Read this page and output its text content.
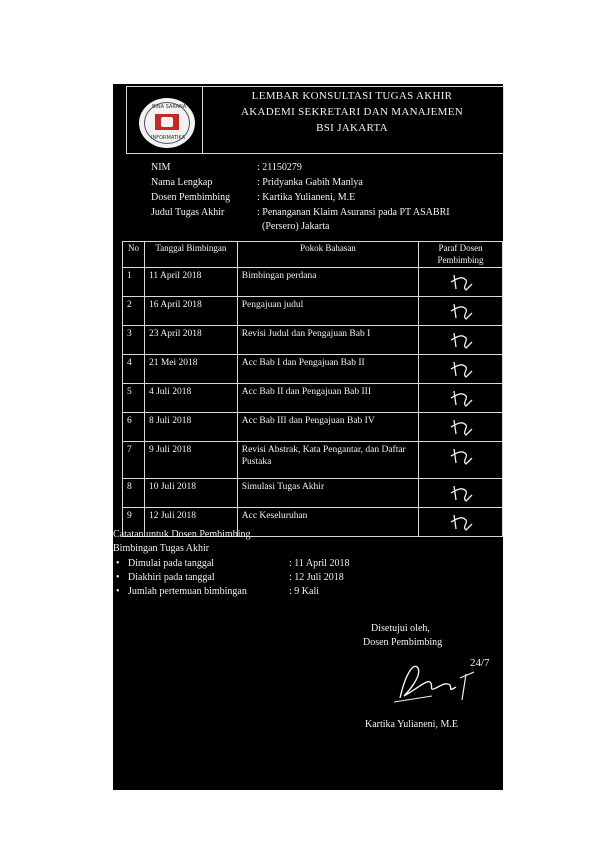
BINA SARANA
INFORMATIKA
LEMBAR KONSULTASI TUGAS AKHIR
AKADEMI SEKRETARI DAN MANAJEMEN
BSI JAKARTA
NIM	: 21150279
Nama Lengkap	: Pridyanka Gabih Manlya
Dosen Pembimbing	: Kartika Yulianeni, M.E
Judul Tugas Akhir	: Penanganan Klaim Asuransi pada PT ASABRI
(Persero) Jakarta
No	Tanggal Bimbingan	Pokok Bahasan	Paraf Dosen Pembimbing
1	11 April 2018	Bimbingan perdana	

2	16 April 2018	Pengajuan judul	

3	23 April 2018	Revisi Judul dan Pengajuan Bab I	

4	21 Mei 2018	Acc Bab I dan Pengajuan Bab II	

5	4 Juli 2018	Acc Bab II dan Pengajuan Bab III	

6	8 Juli 2018	Acc Bab III dan Pengajuan Bab IV	

7	9 Juli 2018	Revisi Abstrak, Kata Pengantar, dan Daftar Pustaka	

8	10 Juli 2018	Simulasi Tugas Akhir	

9	12 Juli 2018	Acc Keseluruhan	
Catatan untuk Dosen Pembimbing
Bimbingan Tugas Akhir
• Dimulai pada tanggal	: 11 April 2018
• Diakhiri pada tanggal	: 12 Juli 2018
• Jumlah pertemuan bimbingan	: 9 Kali
Disetujui oleh,
Dosen Pembimbing
24/7
Kartika Yulianeni, M.E
